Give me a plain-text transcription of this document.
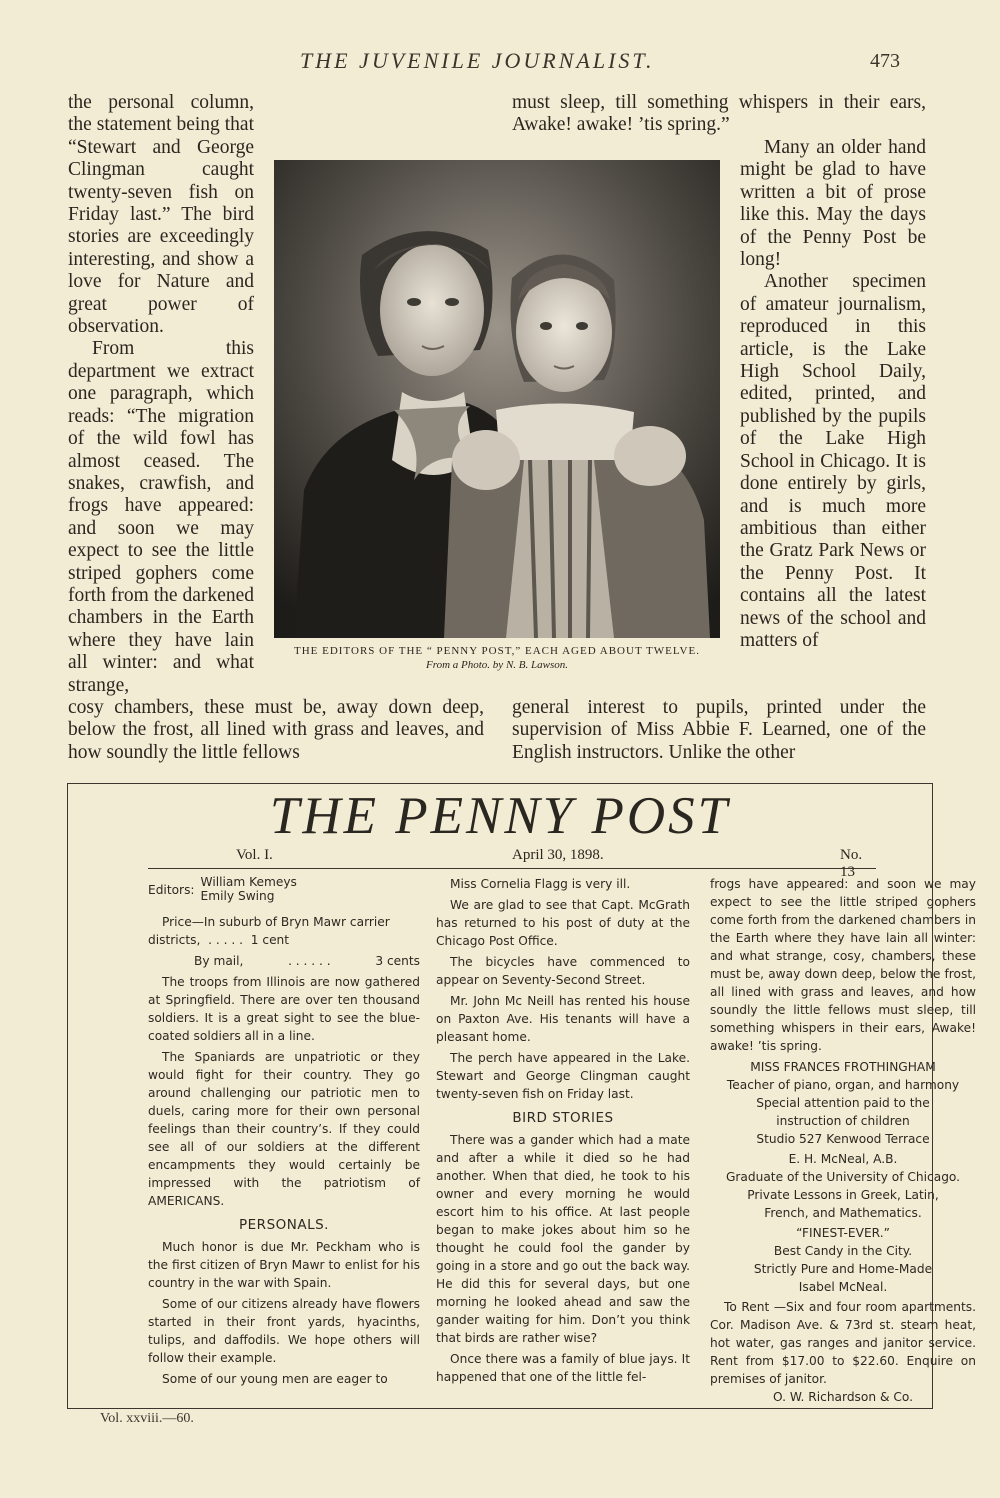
THE JUVENILE JOURNALIST.	473

must sleep, till something whispers in their ears, Awake! awake! ’tis spring.”

the personal column, the statement being that “Stewart and George Clingman caught twenty-seven fish on Friday last.” The bird stories are exceedingly interesting, and show a love for Nature and great power of observation.

From this department we extract one paragraph, which reads: “The migration of the wild fowl has almost ceased. The snakes, crawfish, and frogs have appeared: and soon we may expect to see the little striped gophers come forth from the darkened chambers in the Earth where they have lain all winter: and what strange,

Many an older hand might be glad to have written a bit of prose like this. May the days of the Penny Post be long!

Another specimen of amateur journalism, reproduced in this article, is the Lake High School Daily, edited, printed, and published by the pupils of the Lake High School in Chicago. It is done entirely by girls, and is much more ambitious than either the Gratz Park News or the Penny Post. It contains all the latest news of the school and matters of

THE EDITORS OF THE “ PENNY POST,” EACH AGED ABOUT TWELVE.
From a Photo. by N. B. Lawson.

cosy chambers, these must be, away down deep, below the frost, all lined with grass and leaves, and how soundly the little fellows

general interest to pupils, printed under the supervision of Miss Abbie F. Learned, one of the English instructors. Unlike the other

THE PENNY POST
Vol. I.	April 30, 1898.	No. 13
Editors:
William Kemeys
Emily Swing

Price—In suburb of Bryn Mawr carrier districts,  . . . . .  1 cent

By mail,	. . . . . .	3 cents

The troops from Illinois are now gathered at Springfield. There are over ten thousand soldiers. It is a great sight to see the blue-coated soldiers all in a line.

The Spaniards are unpatriotic or they would fight for their country. They go around challenging our patriotic men to duels, caring more for their own personal feelings than their country’s. If they could see all of our soldiers at the different encampments they would certainly be impressed with the patriotism of AMERICANS.

PERSONALS.

Much honor is due Mr. Peckham who is the first citizen of Bryn Mawr to enlist for his country in the war with Spain.

Some of our citizens already have flowers started in their front yards, hyacinths, tulips, and daffodils. We hope others will follow their example.

Some of our young men are eager to

Miss Cornelia Flagg is very ill.

We are glad to see that Capt. McGrath has returned to his post of duty at the Chicago Post Office.

The bicycles have commenced to appear on Seventy-Second Street.

Mr. John Mc Neill has rented his house on Paxton Ave. His tenants will have a pleasant home.

The perch have appeared in the Lake. Stewart and George Clingman caught twenty-seven fish on Friday last.

BIRD STORIES

There was a gander which had a mate and after a while it died so he had another. When that died, he took to his owner and every morning he would escort him to his office. At last people began to make jokes about him so he thought he could fool the gander by going in a store and go out the back way. He did this for several days, but one morning he looked ahead and saw the gander waiting for him. Don’t you think that birds are rather wise?

Once there was a family of blue jays. It happened that one of the little fel-

frogs have appeared: and soon we may expect to see the little striped gophers come forth from the darkened chambers in the Earth where they have lain all winter: and what strange, cosy, chambers, these must be, away down deep, below the frost, all lined with grass and leaves, and how soundly the little fellows must sleep, till something whispers in their ears, Awake! awake! ’tis spring.

MISS FRANCES FROTHINGHAM

Teacher of piano, organ, and harmony

Special attention paid to the

instruction of children

Studio 527 Kenwood Terrace

E. H. McNeal, A.B.

Graduate of the University of Chicago.

Private Lessons in Greek, Latin,

French, and Mathematics.

“FINEST-EVER.”

Best Candy in the City.

Strictly Pure and Home-Made

Isabel McNeal.

To Rent —Six and four room apartments. Cor. Madison Ave. & 73rd st. steam heat, hot water, gas ranges and janitor service. Rent from $17.00 to $22.60. Enquire on premises of janitor.

O. W. Richardson & Co.

Vol. xxviii.—60.
